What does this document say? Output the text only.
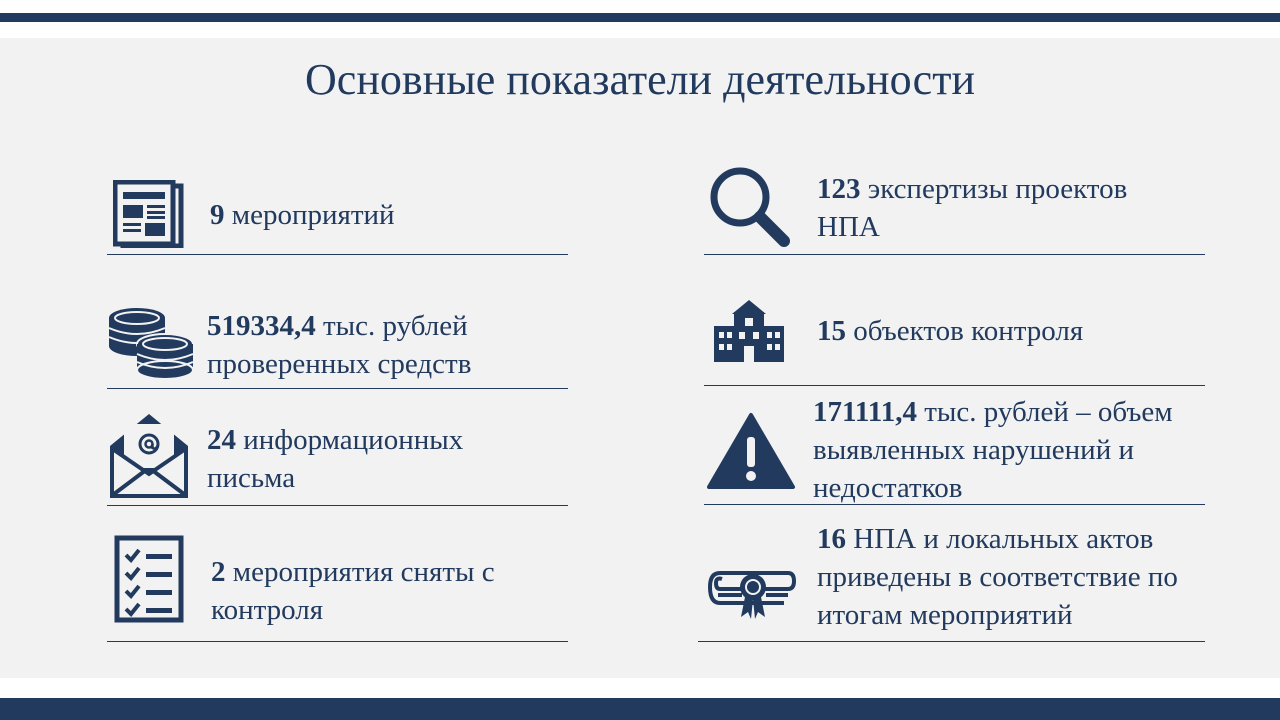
Основные показатели деятельности
9 мероприятий
519334,4 тыс. рублей
проверенных средств
24 информационных
письма
2 мероприятия сняты с
контроля
123 экспертизы проектов
НПА
15 объектов контроля
171111,4 тыс. рублей – объем
выявленных нарушений и
недостатков
16 НПА и локальных актов
приведены в соответствие по
итогам мероприятий
